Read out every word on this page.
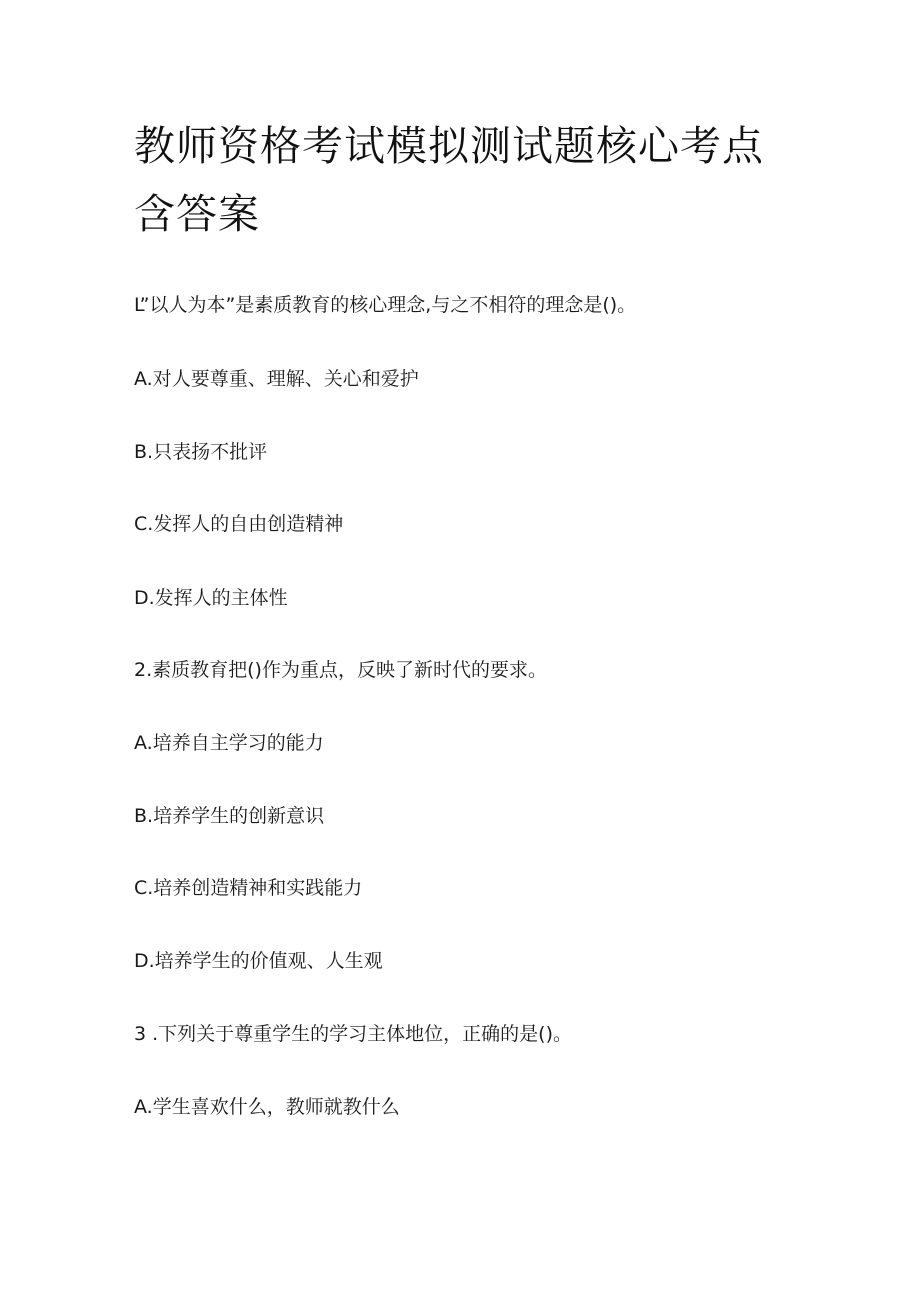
教师资格考试模拟测试题核心考点含答案

L”以人为本”是素质教育的核心理念,与之不相符的理念是()。

A.对人要尊重、理解、关心和爱护

B.只表扬不批评

C.发挥人的自由创造精神

D.发挥人的主体性

2.素质教育把()作为重点，反映了新时代的要求。

A.培养自主学习的能力

B.培养学生的创新意识

C.培养创造精神和实践能力

D.培养学生的价值观、人生观

3 .下列关于尊重学生的学习主体地位，正确的是()。

A.学生喜欢什么，教师就教什么
